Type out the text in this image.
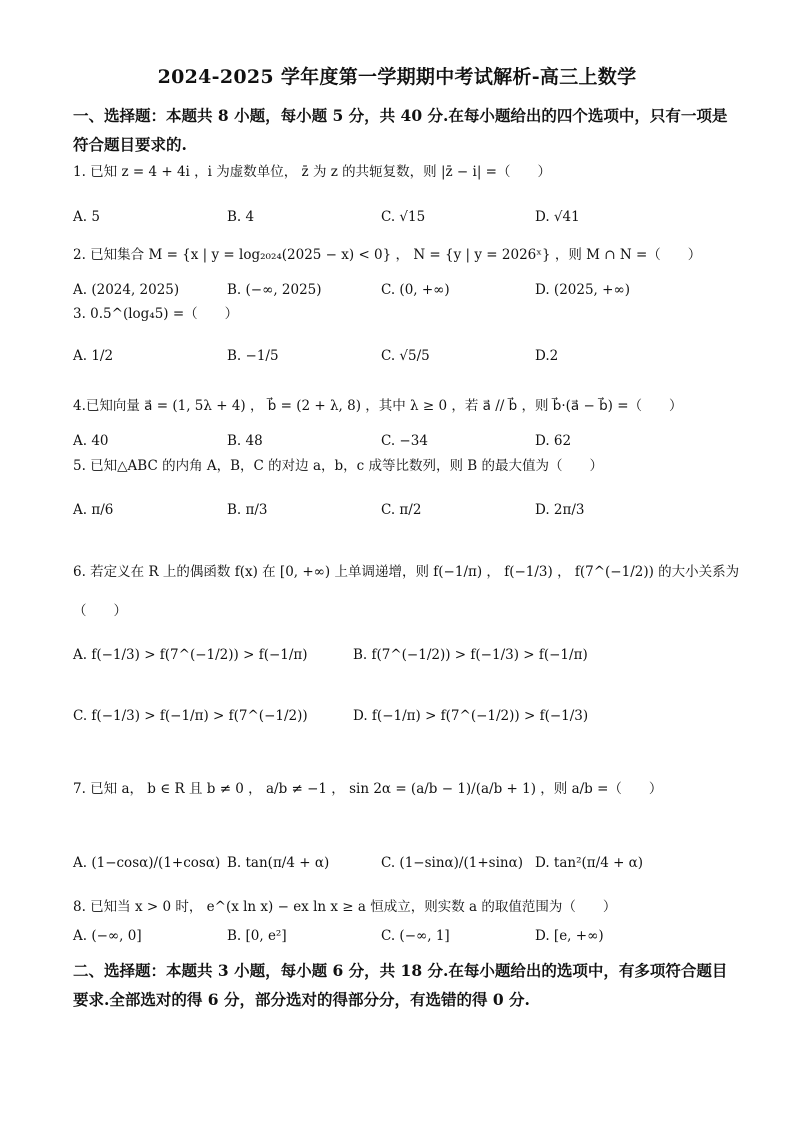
2024-2025 学年度第一学期期中考试解析-高三上数学
一、选择题：本题共 8 小题，每小题 5 分，共 40 分.在每小题给出的四个选项中，只有一项是
符合题目要求的.
1. 已知 z = 4 + 4i ，i 为虚数单位， z̄ 为 z 的共轭复数，则 |z̄ − i| =（　　）
A. 5	B. 4	C. √15	D. √41
2. 已知集合 M = {x | y = log₂₀₂₄(2025 − x) < 0} ， N = {y | y = 2026ˣ} ，则 M ∩ N =（　　）
A. (2024, 2025)	B. (−∞, 2025)	C. (0, +∞)	D. (2025, +∞)
3. 0.5^(log₄5) =（　　）
A. 1/2	B. −1/5	C. √5/5	D.2
4.已知向量 a⃗ = (1, 5λ + 4) ， b⃗ = (2 + λ, 8) ，其中 λ ≥ 0 ，若 a⃗ // b⃗ ，则 b⃗·(a⃗ − b⃗) =（　　）
A. 40	B. 48	C. −34	D. 62
5. 已知△ABC 的内角 A，B，C 的对边 a，b，c 成等比数列，则 B 的最大值为（　　）
A. π/6	B. π/3	C. π/2	D. 2π/3
6. 若定义在 R 上的偶函数 f(x) 在 [0, +∞) 上单调递增，则 f(−1/π) ， f(−1/3) ， f(7^(−1/2)) 的大小关系为
（　　）
A. f(−1/3) > f(7^(−1/2)) > f(−1/π)	B. f(7^(−1/2)) > f(−1/3) > f(−1/π)
C. f(−1/3) > f(−1/π) > f(7^(−1/2))	D. f(−1/π) > f(7^(−1/2)) > f(−1/3)
7. 已知 a， b ∈ R 且 b ≠ 0 ， a/b ≠ −1 ， sin 2α = (a/b − 1)/(a/b + 1) ，则 a/b =（　　）
A. (1−cosα)/(1+cosα) B. tan(π/4 + α)	C. (1−sinα)/(1+sinα) D. tan²(π/4 + α)
8. 已知当 x > 0 时， e^(x ln x) − ex ln x ≥ a 恒成立，则实数 a 的取值范围为（　　）
A. (−∞, 0]	B. [0, e²]	C. (−∞, 1]	D. [e, +∞)
二、选择题：本题共 3 小题，每小题 6 分，共 18 分.在每小题给出的选项中，有多项符合题目
要求.全部选对的得 6 分，部分选对的得部分分，有选错的得 0 分.
